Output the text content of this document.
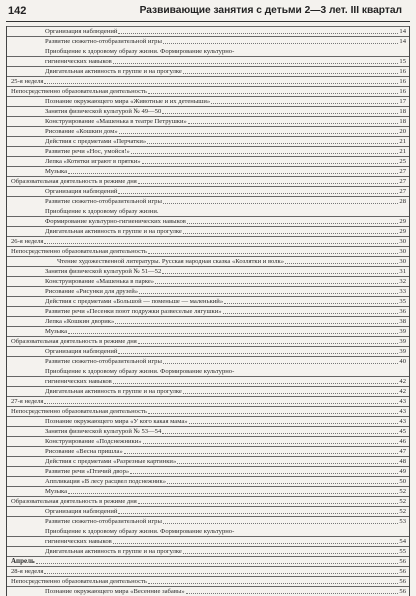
142	Развивающие занятия с детьми 2—3 лет. III квартал
Организация наблюдений	14
Развитие сюжетно-отобразительной игры	14
Приобщение к здоровому образу жизни. Формирование культурно-
гигиенических навыков	15
Двигательная активность в группе и на прогулке	16
25-я неделя	16
Непосредственно образовательная деятельность	16
Познание окружающего мира «Животные и их детеныши»	17
Занятия физической культурой № 49—50	18
Конструирование «Машенька в театре Петрушки»	18
Рисование «Кошкин дом»	20
Действия с предметами «Перчатки»	21
Развитие речи «Нос, умойся!»	21
Лепка «Котятки играют в прятки»	25
Музыка	27
Образовательная деятельность в режиме дня	27
Организация наблюдений	27
Развитие сюжетно-отобразительной игры	28
Приобщение к здоровому образу жизни.
Формирование культурно-гигиенических навыков	29
Двигательная активность в группе и на прогулке	29
26-я неделя	30
Непосредственно образовательная деятельность	30
Чтение художественной литературы. Русская народная сказка «Козлятки и волк»	30
Занятия физической культурой № 51—52	31
Конструирование «Машенька в парке»	32
Рисование «Рисунки для друзей»	33
Действия с предметами «Большой — поменьше — маленький»	35
Развитие речи «Песенки поют подружки развеселые лягушки»	36
Лепка «Кошкин дворик»	38
Музыка	39
Образовательная деятельность в режиме дня	39
Организация наблюдений	39
Развитие сюжетно-отобразительной игры	40
Приобщение к здоровому образу жизни. Формирование культурно-
гигиенических навыков	42
Двигательная активность в группе и на прогулке	42
27-я неделя	43
Непосредственно образовательная деятельность	43
Познание окружающего мира «У кого какая мама»	43
Занятия физической культурой № 53—54	45
Конструирование «Подснежники»	46
Рисование «Весна пришла»	47
Действия с предметами «Разрезные картинки»	48
Развитие речи «Птичий двор»	49
Аппликация «В лесу расцвел подснежник»	50
Музыка	52
Образовательная деятельность в режиме дня	52
Организация наблюдений	52
Развитие сюжетно-отобразительной игры	53
Приобщение к здоровому образу жизни. Формирование культурно-
гигиенических навыков	54
Двигательная активность в группе и на прогулке	55
Апрель	56
28-я неделя	56
Непосредственно образовательная деятельность	56
Познание окружающего мира «Весенние забавы»	56
